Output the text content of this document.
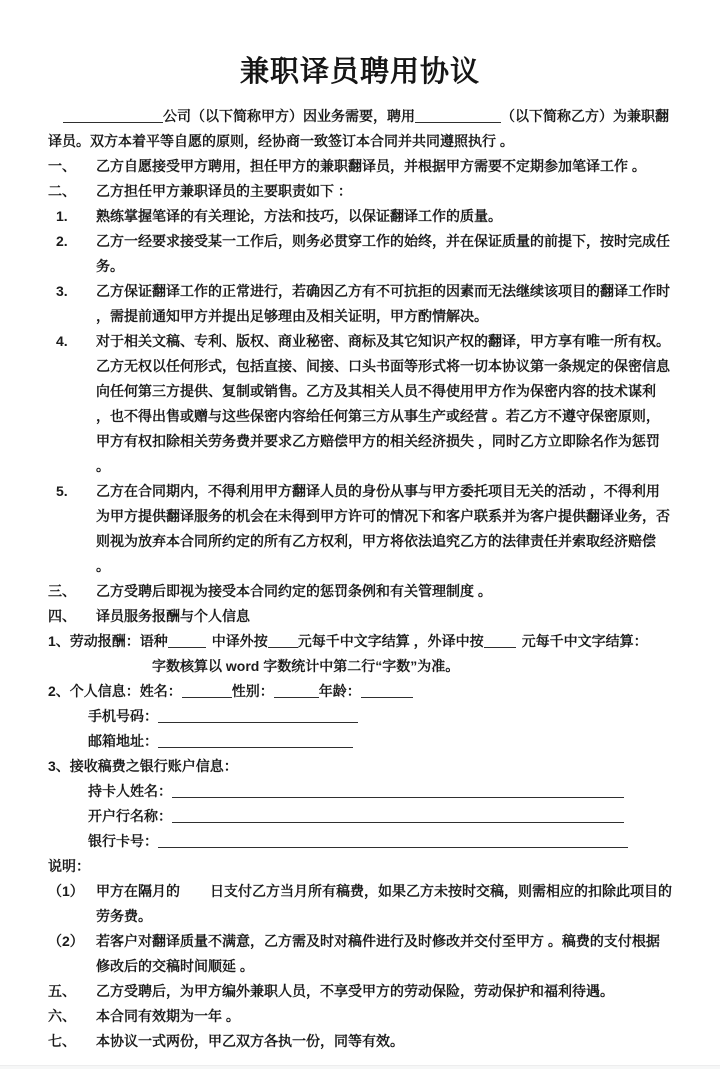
兼职译员聘用协议

公司（以下简称甲方）因业务需要，聘用	（以下简称乙方）为兼职翻译员。双方本着平等自愿的原则，经协商一致签订本合同并共同遵照执行 。

一、 乙方自愿接受甲方聘用，担任甲方的兼职翻译员，并根据甲方需要不定期参加笔译工作 。

二、 乙方担任甲方兼职译员的主要职责如下 ：

1. 熟练掌握笔译的有关理论，方法和技巧，以保证翻译工作的质量。

2. 乙方一经要求接受某一工作后，则务必贯穿工作的始终，并在保证质量的前提下，按时完成任务。

3. 乙方保证翻译工作的正常进行，若确因乙方有不可抗拒的因素而无法继续该项目的翻译工作时 ，需提前通知甲方并提出足够理由及相关证明，甲方酌情解决。

4. 对于相关文稿、专利、版权、商业秘密、商标及其它知识产权的翻译，甲方享有唯一所有权。乙方无权以任何形式，包括直接、间接、口头书面等形式将一切本协议第一条规定的保密信息向任何第三方提供、复制或销售。乙方及其相关人员不得使用甲方作为保密内容的技术谋利 ，也不得出售或赠与这些保密内容给任何第三方从事生产或经营 。若乙方不遵守保密原则，甲方有权扣除相关劳务费并要求乙方赔偿甲方的相关经济损失 ，同时乙方立即除名作为惩罚 。

5. 乙方在合同期内，不得利用甲方翻译人员的身份从事与甲方委托项目无关的活动 ，不得利用为甲方提供翻译服务的机会在未得到甲方许可的情况下和客户联系并为客户提供翻译业务，否则视为放弃本合同所约定的所有乙方权利，甲方将依法追究乙方的法律责任并索取经济赔偿 。

三、 乙方受聘后即视为接受本合同约定的惩罚条例和有关管理制度 。

四、 译员服务报酬与个人信息

1、劳动报酬：语种	中译外按 元每千中文字结算 ，外译中按	元每千中文字结算：

字数核算以 word 字数统计中第二行“字数”为准。

2、个人信息：姓名：	性别：	年龄：

手机号码：

邮箱地址：

3、接收稿费之银行账户信息：

持卡人姓名：

开户行名称：

银行卡号：

说明：

（1） 甲方在隔月的 日支付乙方当月所有稿费，如果乙方未按时交稿，则需相应的扣除此项目的劳务费。

（2） 若客户对翻译质量不满意，乙方需及时对稿件进行及时修改并交付至甲方 。稿费的支付根据修改后的交稿时间顺延 。

五、 乙方受聘后，为甲方编外兼职人员，不享受甲方的劳动保险，劳动保护和福利待遇。

六、 本合同有效期为一年 。

七、 本协议一式两份，甲乙双方各执一份，同等有效。
